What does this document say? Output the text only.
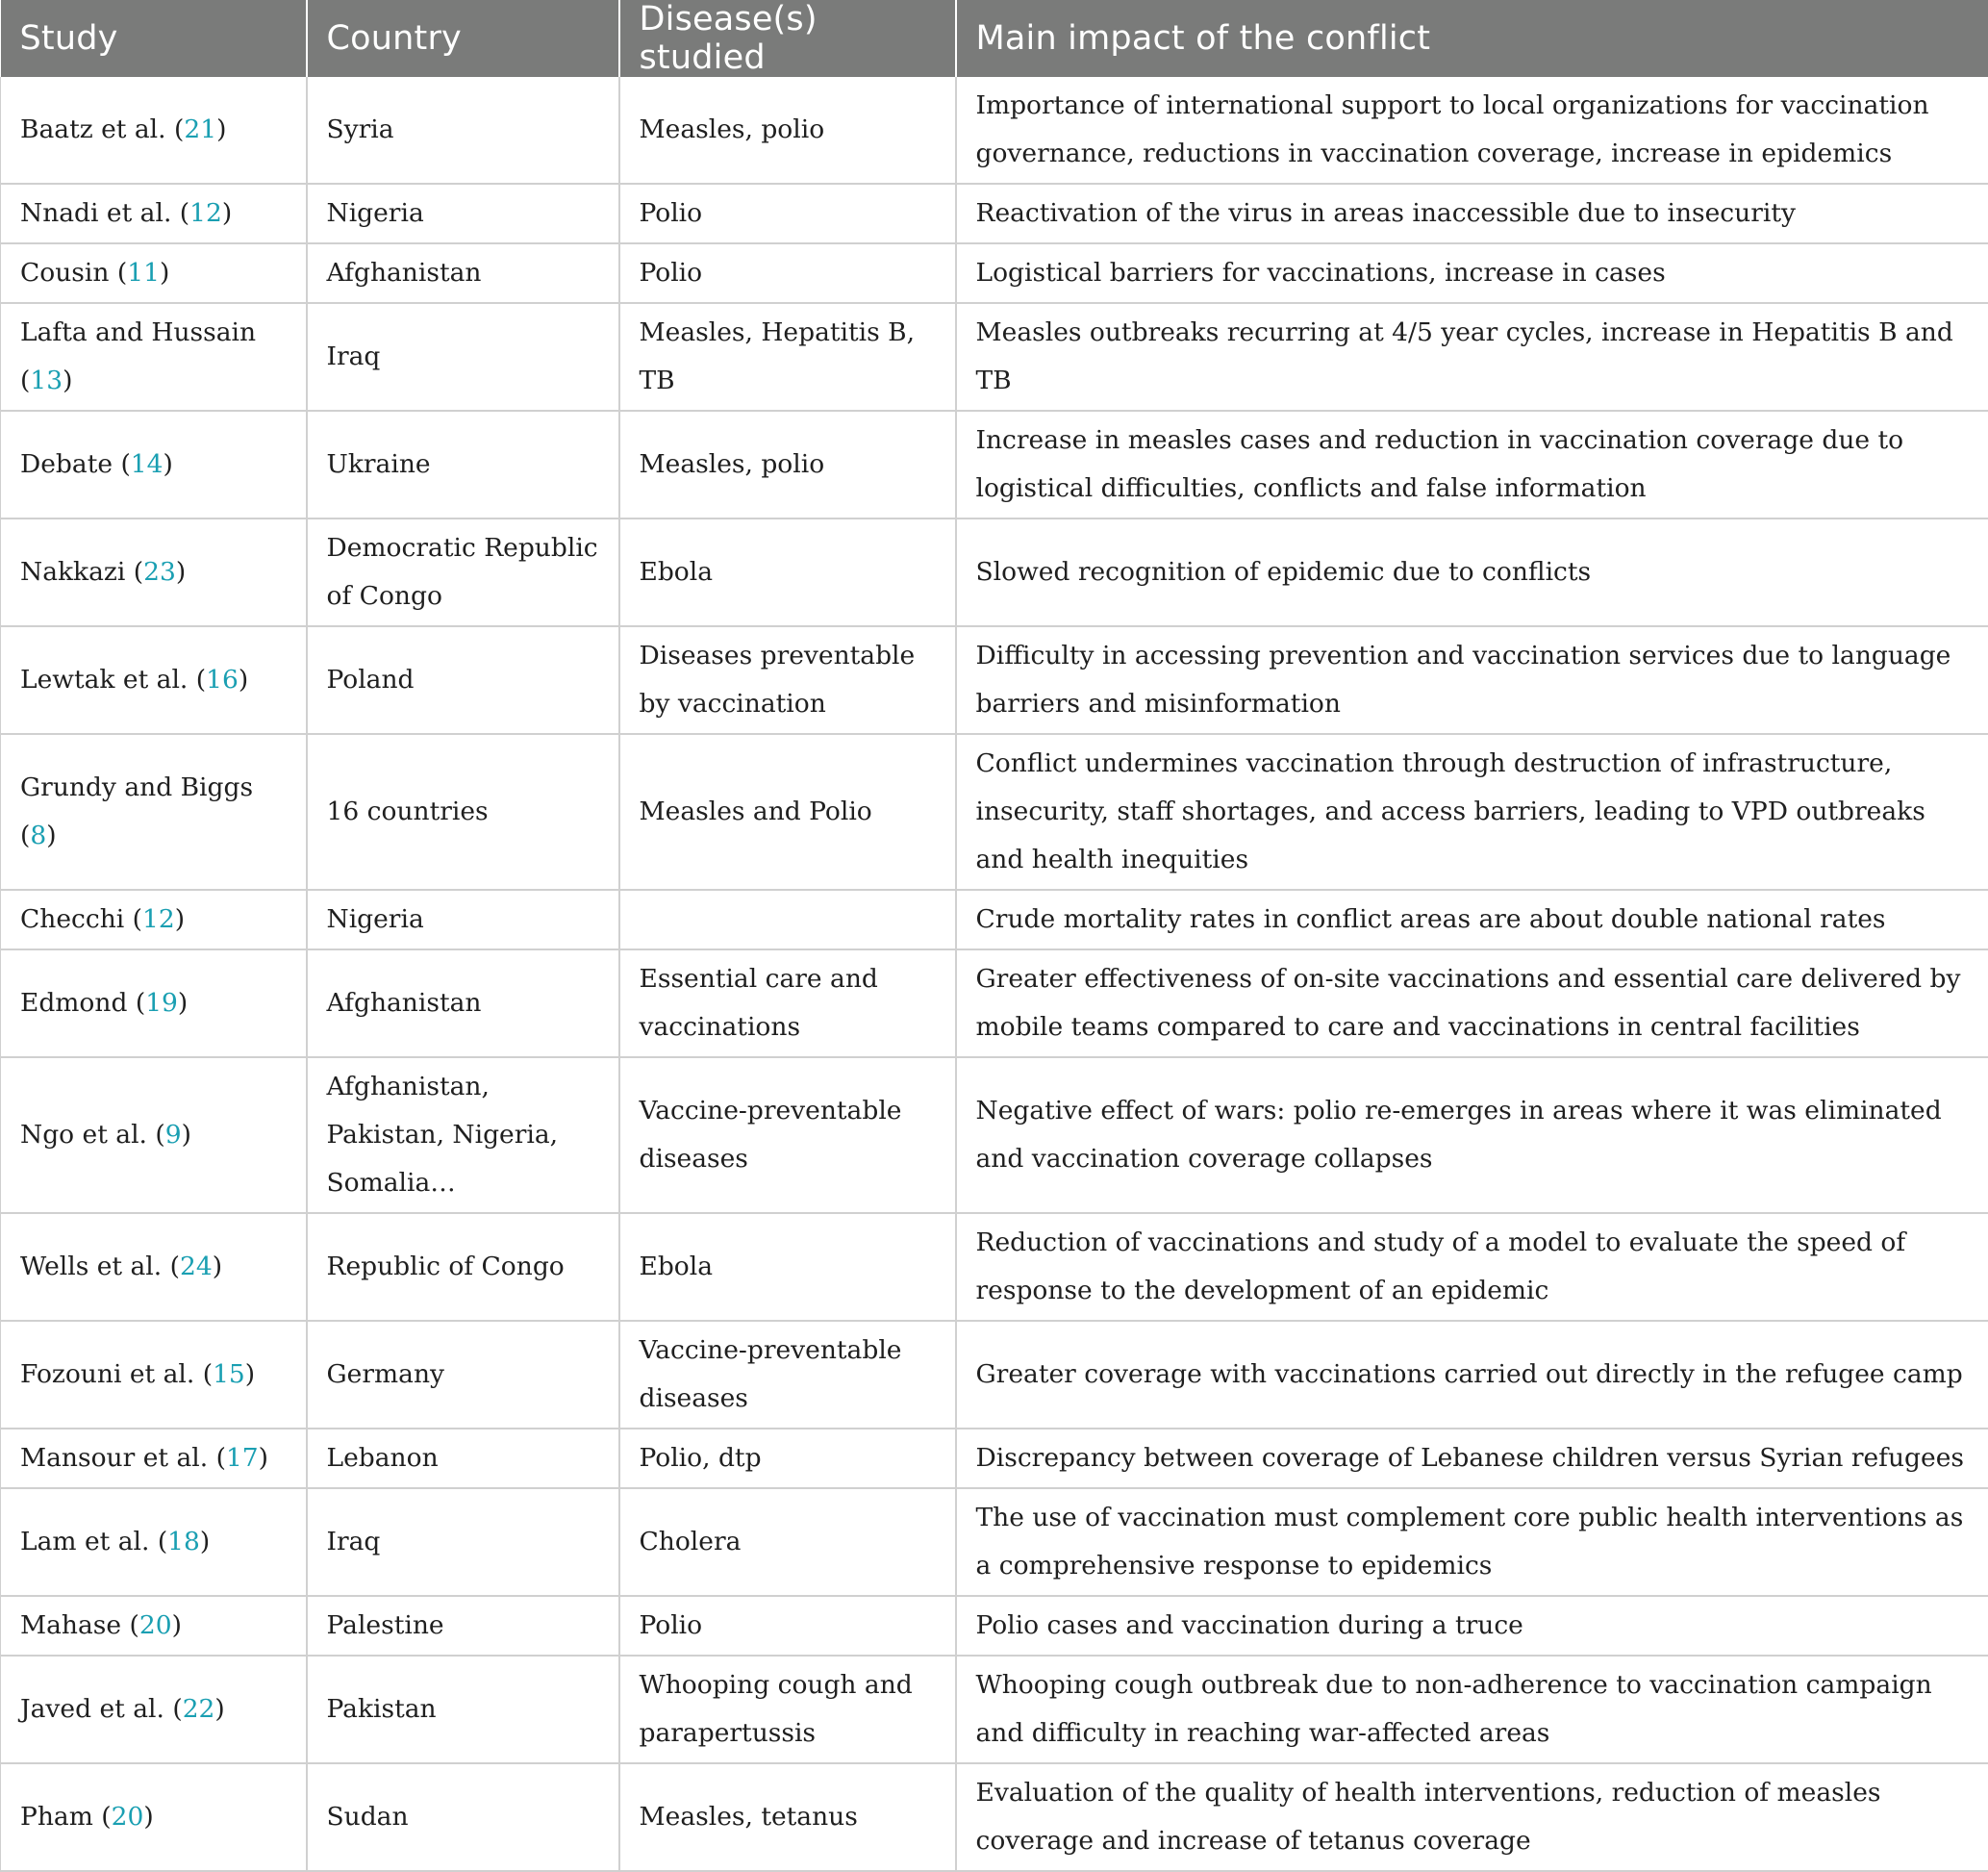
Study	Country	Disease(s) studied	Main impact of the conflict
Baatz et al. (21)	Syria	Measles, polio	Importance of international support to local organizations for vaccination governance, reductions in vaccination coverage, increase in epidemics
Nnadi et al. (12)	Nigeria	Polio	Reactivation of the virus in areas inaccessible due to insecurity
Cousin (11)	Afghanistan	Polio	Logistical barriers for vaccinations, increase in cases
Lafta and Hussain (13)	Iraq	Measles, Hepatitis B, TB	Measles outbreaks recurring at 4/5 year cycles, increase in Hepatitis B and TB
Debate (14)	Ukraine	Measles, polio	Increase in measles cases and reduction in vaccination coverage due to logistical difficulties, conflicts and false information
Nakkazi (23)	Democratic Republic of Congo	Ebola	Slowed recognition of epidemic due to conflicts
Lewtak et al. (16)	Poland	Diseases preventable by vaccination	Difficulty in accessing prevention and vaccination services due to language barriers and misinformation
Grundy and Biggs (8)	16 countries	Measles and Polio	Conflict undermines vaccination through destruction of infrastructure, insecurity, staff shortages, and access barriers, leading to VPD outbreaks and health inequities
Checchi (12)	Nigeria		Crude mortality rates in conflict areas are about double national rates
Edmond (19)	Afghanistan	Essential care and vaccinations	Greater effectiveness of on-site vaccinations and essential care delivered by mobile teams compared to care and vaccinations in central facilities
Ngo et al. (9)	Afghanistan, Pakistan, Nigeria, Somalia…	Vaccine-preventable diseases	Negative effect of wars: polio re-emerges in areas where it was eliminated and vaccination coverage collapses
Wells et al. (24)	Republic of Congo	Ebola	Reduction of vaccinations and study of a model to evaluate the speed of response to the development of an epidemic
Fozouni et al. (15)	Germany	Vaccine-preventable diseases	Greater coverage with vaccinations carried out directly in the refugee camp
Mansour et al. (17)	Lebanon	Polio, dtp	Discrepancy between coverage of Lebanese children versus Syrian refugees
Lam et al. (18)	Iraq	Cholera	The use of vaccination must complement core public health interventions as a comprehensive response to epidemics
Mahase (20)	Palestine	Polio	Polio cases and vaccination during a truce
Javed et al. (22)	Pakistan	Whooping cough and parapertussis	Whooping cough outbreak due to non-adherence to vaccination campaign and difficulty in reaching war-affected areas
Pham (20)	Sudan	Measles, tetanus	Evaluation of the quality of health interventions, reduction of measles coverage and increase of tetanus coverage
